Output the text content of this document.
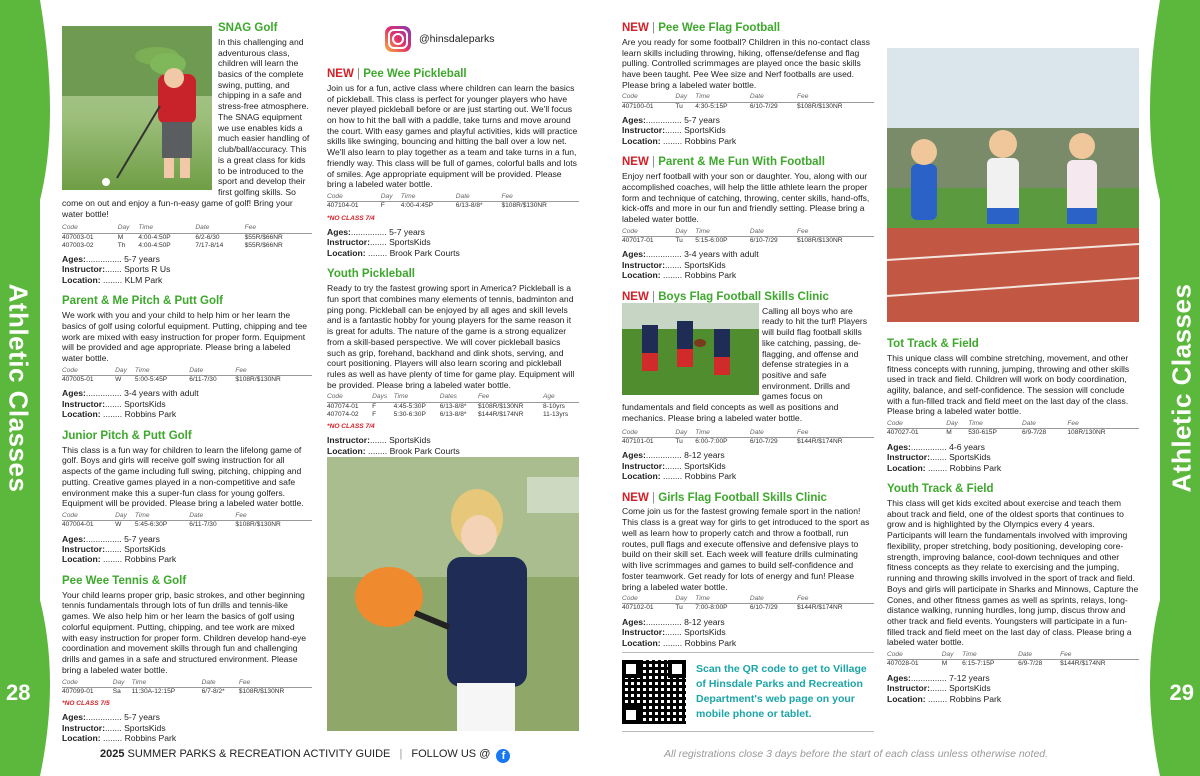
Athletic Classes	Athletic Classes
28	29
@hinsdaleparks
SNAG Golf

In this challenging and adventurous class, children will learn the basics of the complete swing, putting, and chipping in a safe and stress-free atmosphere. The SNAG equipment we use enables kids a much easier handling of club/ball/accuracy. This is a great class for kids to be introduced to the sport and develop their first golfing skills. So come on out and enjoy a fun-n-easy game of golf! Bring your water bottle!

Code	Day	Time	Date	Fee
407003-01	M	4:00-4:50P	6/2-6/30	$55R/$66NR
407003-02	Th	4:00-4:50P	7/17-8/14	$55R/$66NR
Ages:............... 5-7 years
Instructor:....... Sports R Us
Location: ........ KLM Park
Parent & Me Pitch & Putt Golf

We work with you and your child to help him or her learn the basics of golf using colorful equipment. Putting, chipping and tee work are mixed with easy instruction for proper form. Equipment will be provided and age appropriate. Please bring a labeled water bottle.

Code	Day	Time	Date	Fee
407005-01	W	5:00-5:45P	6/11-7/30	$108R/$130NR
Ages:............... 3-4 years with adult
Instructor:....... SportsKids
Location: ........ Robbins Park
Junior Pitch & Putt Golf

This class is a fun way for children to learn the lifelong game of golf. Boys and girls will receive golf swing instruction for all aspects of the game including full swing, pitching, chipping and putting. Creative games played in a non-competitive and safe environment make this a super-fun class for young golfers. Equipment will be provided. Please bring a labeled water bottle.

Code	Day	Time	Date	Fee
407004-01	W	5:45-6:30P	6/11-7/30	$108R/$130NR
Ages:............... 5-7 years
Instructor:....... SportsKids
Location: ........ Robbins Park
Pee Wee Tennis & Golf

Your child learns proper grip, basic strokes, and other beginning tennis fundamentals through lots of fun drills and tennis-like games. We also help him or her learn the basics of golf using colorful equipment. Putting, chipping, and tee work are mixed with easy instruction for proper form. Children develop hand-eye coordination and movement skills through fun and challenging drills and games in a safe and structured environment. Please bring a labeled water bottle.

Code	Day	Time	Date	Fee
407099-01	Sa	11:30A-12:15P	6/7-8/2*	$108R/$130NR
*NO CLASS 7/5
Ages:............... 5-7 years
Instructor:....... SportsKids
Location: ........ Robbins Park
NEW | Pee Wee Pickleball

Join us for a fun, active class where children can learn the basics of pickleball. This class is perfect for younger players who have never played pickleball before or are just starting out. We'll focus on how to hit the ball with a paddle, take turns and move around the court. With easy games and playful activities, kids will practice skills like swinging, bouncing and hitting the ball over a low net. We'll also learn to play together as a team and take turns in a fun, friendly way. This class will be full of games, colorful balls and lots of smiles. Age appropriate equipment will be provided. Please bring a labeled water bottle.

Code	Day	Time	Date	Fee
407104-01	F	4:00-4:45P	6/13-8/8*	$108R/$130NR
*NO CLASS 7/4
Ages:............... 5-7 years
Instructor:....... SportsKids
Location: ........ Brook Park Courts
Youth Pickleball

Ready to try the fastest growing sport in America? Pickleball is a fun sport that combines many elements of tennis, badminton and ping pong. Pickleball can be enjoyed by all ages and skill levels and is a fantastic hobby for young players for the same reason it is great for adults. The nature of the game is a strong equalizer from a skill-based perspective. We will cover pickleball basics such as grip, forehand, backhand and dink shots, serving, and court positioning. Players will also learn scoring and pickleball rules as well as have plenty of time for game play. Equipment will be provided. Please bring a labeled water bottle.

Code	Days	Time	Dates	Fee	Age
407074-01	F	4:45-5:30P	6/13-8/8*	$108R/$130NR	8-10yrs
407074-02	F	5:30-6:30P	6/13-8/8*	$144R/$174NR	11-13yrs
*NO CLASS 7/4
Instructor:....... SportsKids
Location: ........ Brook Park Courts
NEW | Pee Wee Flag Football

Are you ready for some football? Children in this no-contact class learn skills including throwing, hiking, offense/defense and flag pulling. Controlled scrimmages are played once the basic skills have been taught. Pee Wee size and Nerf footballs are used. Please bring a labeled water bottle.

Code	Day	Time	Date	Fee
407100-01	Tu	4:30-5:15P	6/10-7/29	$108R/$130NR
Ages:............... 5-7 years
Instructor:....... SportsKids
Location: ........ Robbins Park
NEW | Parent & Me Fun With Football

Enjoy nerf football with your son or daughter. You, along with our accomplished coaches, will help the little athlete learn the proper form and technique of catching, throwing, center skills, hand-offs, kick-offs and more in our fun and friendly setting. Please bring a labeled water bottle.

Code	Day	Time	Date	Fee
407017-01	Tu	5:15-6:00P	6/10-7/29	$108R/$130NR
Ages:............... 3-4 years with adult
Instructor:....... SportsKids
Location: ........ Robbins Park
NEW | Boys Flag Football Skills Clinic

Calling all boys who are ready to hit the turf! Players will build flag football skills like catching, passing, de-flagging, and offense and defense strategies in a positive and safe environment. Drills and games focus on fundamentals and field concepts as well as positions and mechanics. Please bring a labeled water bottle.

Code	Day	Time	Date	Fee
407101-01	Tu	6:00-7:00P	6/10-7/29	$144R/$174NR
Ages:............... 8-12 years
Instructor:....... SportsKids
Location: ........ Robbins Park
NEW | Girls Flag Football Skills Clinic

Come join us for the fastest growing female sport in the nation! This class is a great way for girls to get introduced to the sport as well as learn how to properly catch and throw a football, run routes, pull flags and execute offensive and defensive plays to build on their skill set. Each week will feature drills culminating with live scrimmages and games to build self-confidence and foster teamwork. Get ready for lots of energy and fun! Please bring a labeled water bottle.

Code	Day	Time	Date	Fee
407102-01	Tu	7:00-8:00P	6/10-7/29	$144R/$174NR
Ages:............... 8-12 years
Instructor:....... SportsKids
Location: ........ Robbins Park
Scan the QR code to get to Village of Hinsdale Parks and Recreation Department's web page on your mobile phone or tablet.
Tot Track & Field

This unique class will combine stretching, movement, and other fitness concepts with running, jumping, throwing and other skills used in track and field. Children will work on body coordination, agility, balance, and self-confidence. The session will conclude with a fun-filled track and field meet on the last day of the class. Please bring a labeled water bottle.

Code	Day	Time	Date	Fee
407027-01	M	530-615P	6/9-7/28	108R/130NR
Ages:............... 4-6 years
Instructor:....... SportsKids
Location: ........ Robbins Park
Youth Track & Field

This class will get kids excited about exercise and teach them about track and field, one of the oldest sports that continues to grow and is highlighted by the Olympics every 4 years. Participants will learn the fundamentals involved with improving flexibility, proper stretching, body positioning, developing core-strength, improving balance, cool-down techniques and other fitness concepts as they relate to exercising and the jumping, running and throwing skills involved in the sport of track and field. Boys and girls will participate in Sharks and Minnows, Capture the Cones, and other fitness games as well as sprints, relays, long-distance walking, running hurdles, long jump, discus throw and other track and field events. Youngsters will participate in a fun-filled track and field meet on the last day of class. Please bring a labeled water bottle.

Code	Day	Time	Date	Fee
407028-01	M	6:15-7:15P	6/9-7/28	$144R/$174NR
Ages:............... 7-12 years
Instructor:....... SportsKids
Location: ........ Robbins Park
2025 SUMMER PARKS & RECREATION ACTIVITY GUIDE | FOLLOW US @ f	All registrations close 3 days before the start of each class unless otherwise noted.
